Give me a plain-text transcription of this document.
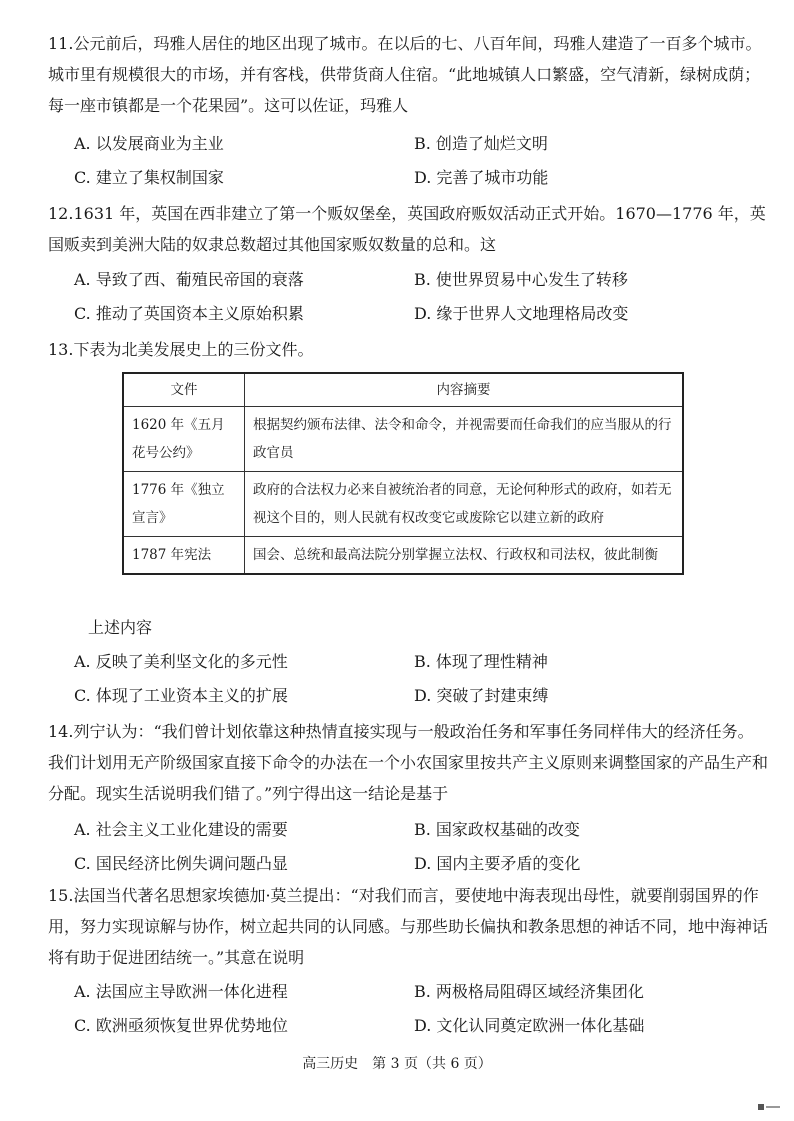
11.公元前后，玛雅人居住的地区出现了城市。在以后的七、八百年间，玛雅人建造了一百多个城市。城市里有规模很大的市场，并有客栈，供带货商人住宿。“此地城镇人口繁盛，空气清新，绿树成荫；每一座市镇都是一个花果园”。这可以佐证，玛雅人
A. 以发展商业为主业	B. 创造了灿烂文明
C. 建立了集权制国家	D. 完善了城市功能
12.1631 年，英国在西非建立了第一个贩奴堡垒，英国政府贩奴活动正式开始。1670—1776 年，英国贩卖到美洲大陆的奴隶总数超过其他国家贩奴数量的总和。这
A. 导致了西、葡殖民帝国的衰落	B. 使世界贸易中心发生了转移
C. 推动了英国资本主义原始积累	D. 缘于世界人文地理格局改变
13.下表为北美发展史上的三份文件。
文件	内容摘要
1620 年《五月花号公约》	根据契约颁布法律、法令和命令，并视需要而任命我们的应当服从的行政官员
1776 年《独立宣言》	政府的合法权力必来自被统治者的同意，无论何种形式的政府，如若无视这个目的，则人民就有权改变它或废除它以建立新的政府
1787 年宪法	国会、总统和最高法院分别掌握立法权、行政权和司法权，彼此制衡
上述内容
A. 反映了美利坚文化的多元性	B. 体现了理性精神
C. 体现了工业资本主义的扩展	D. 突破了封建束缚
14.列宁认为：“我们曾计划依靠这种热情直接实现与一般政治任务和军事任务同样伟大的经济任务。我们计划用无产阶级国家直接下命令的办法在一个小农国家里按共产主义原则来调整国家的产品生产和分配。现实生活说明我们错了。”列宁得出这一结论是基于
A. 社会主义工业化建设的需要	B. 国家政权基础的改变
C. 国民经济比例失调问题凸显	D. 国内主要矛盾的变化
15.法国当代著名思想家埃德加·莫兰提出：“对我们而言，要使地中海表现出母性，就要削弱国界的作用，努力实现谅解与协作，树立起共同的认同感。与那些助长偏执和教条思想的神话不同，地中海神话将有助于促进团结统一。”其意在说明
A. 法国应主导欧洲一体化进程	B. 两极格局阻碍区域经济集团化
C. 欧洲亟须恢复世界优势地位	D. 文化认同奠定欧洲一体化基础
高三历史　第 3 页（共 6 页）
